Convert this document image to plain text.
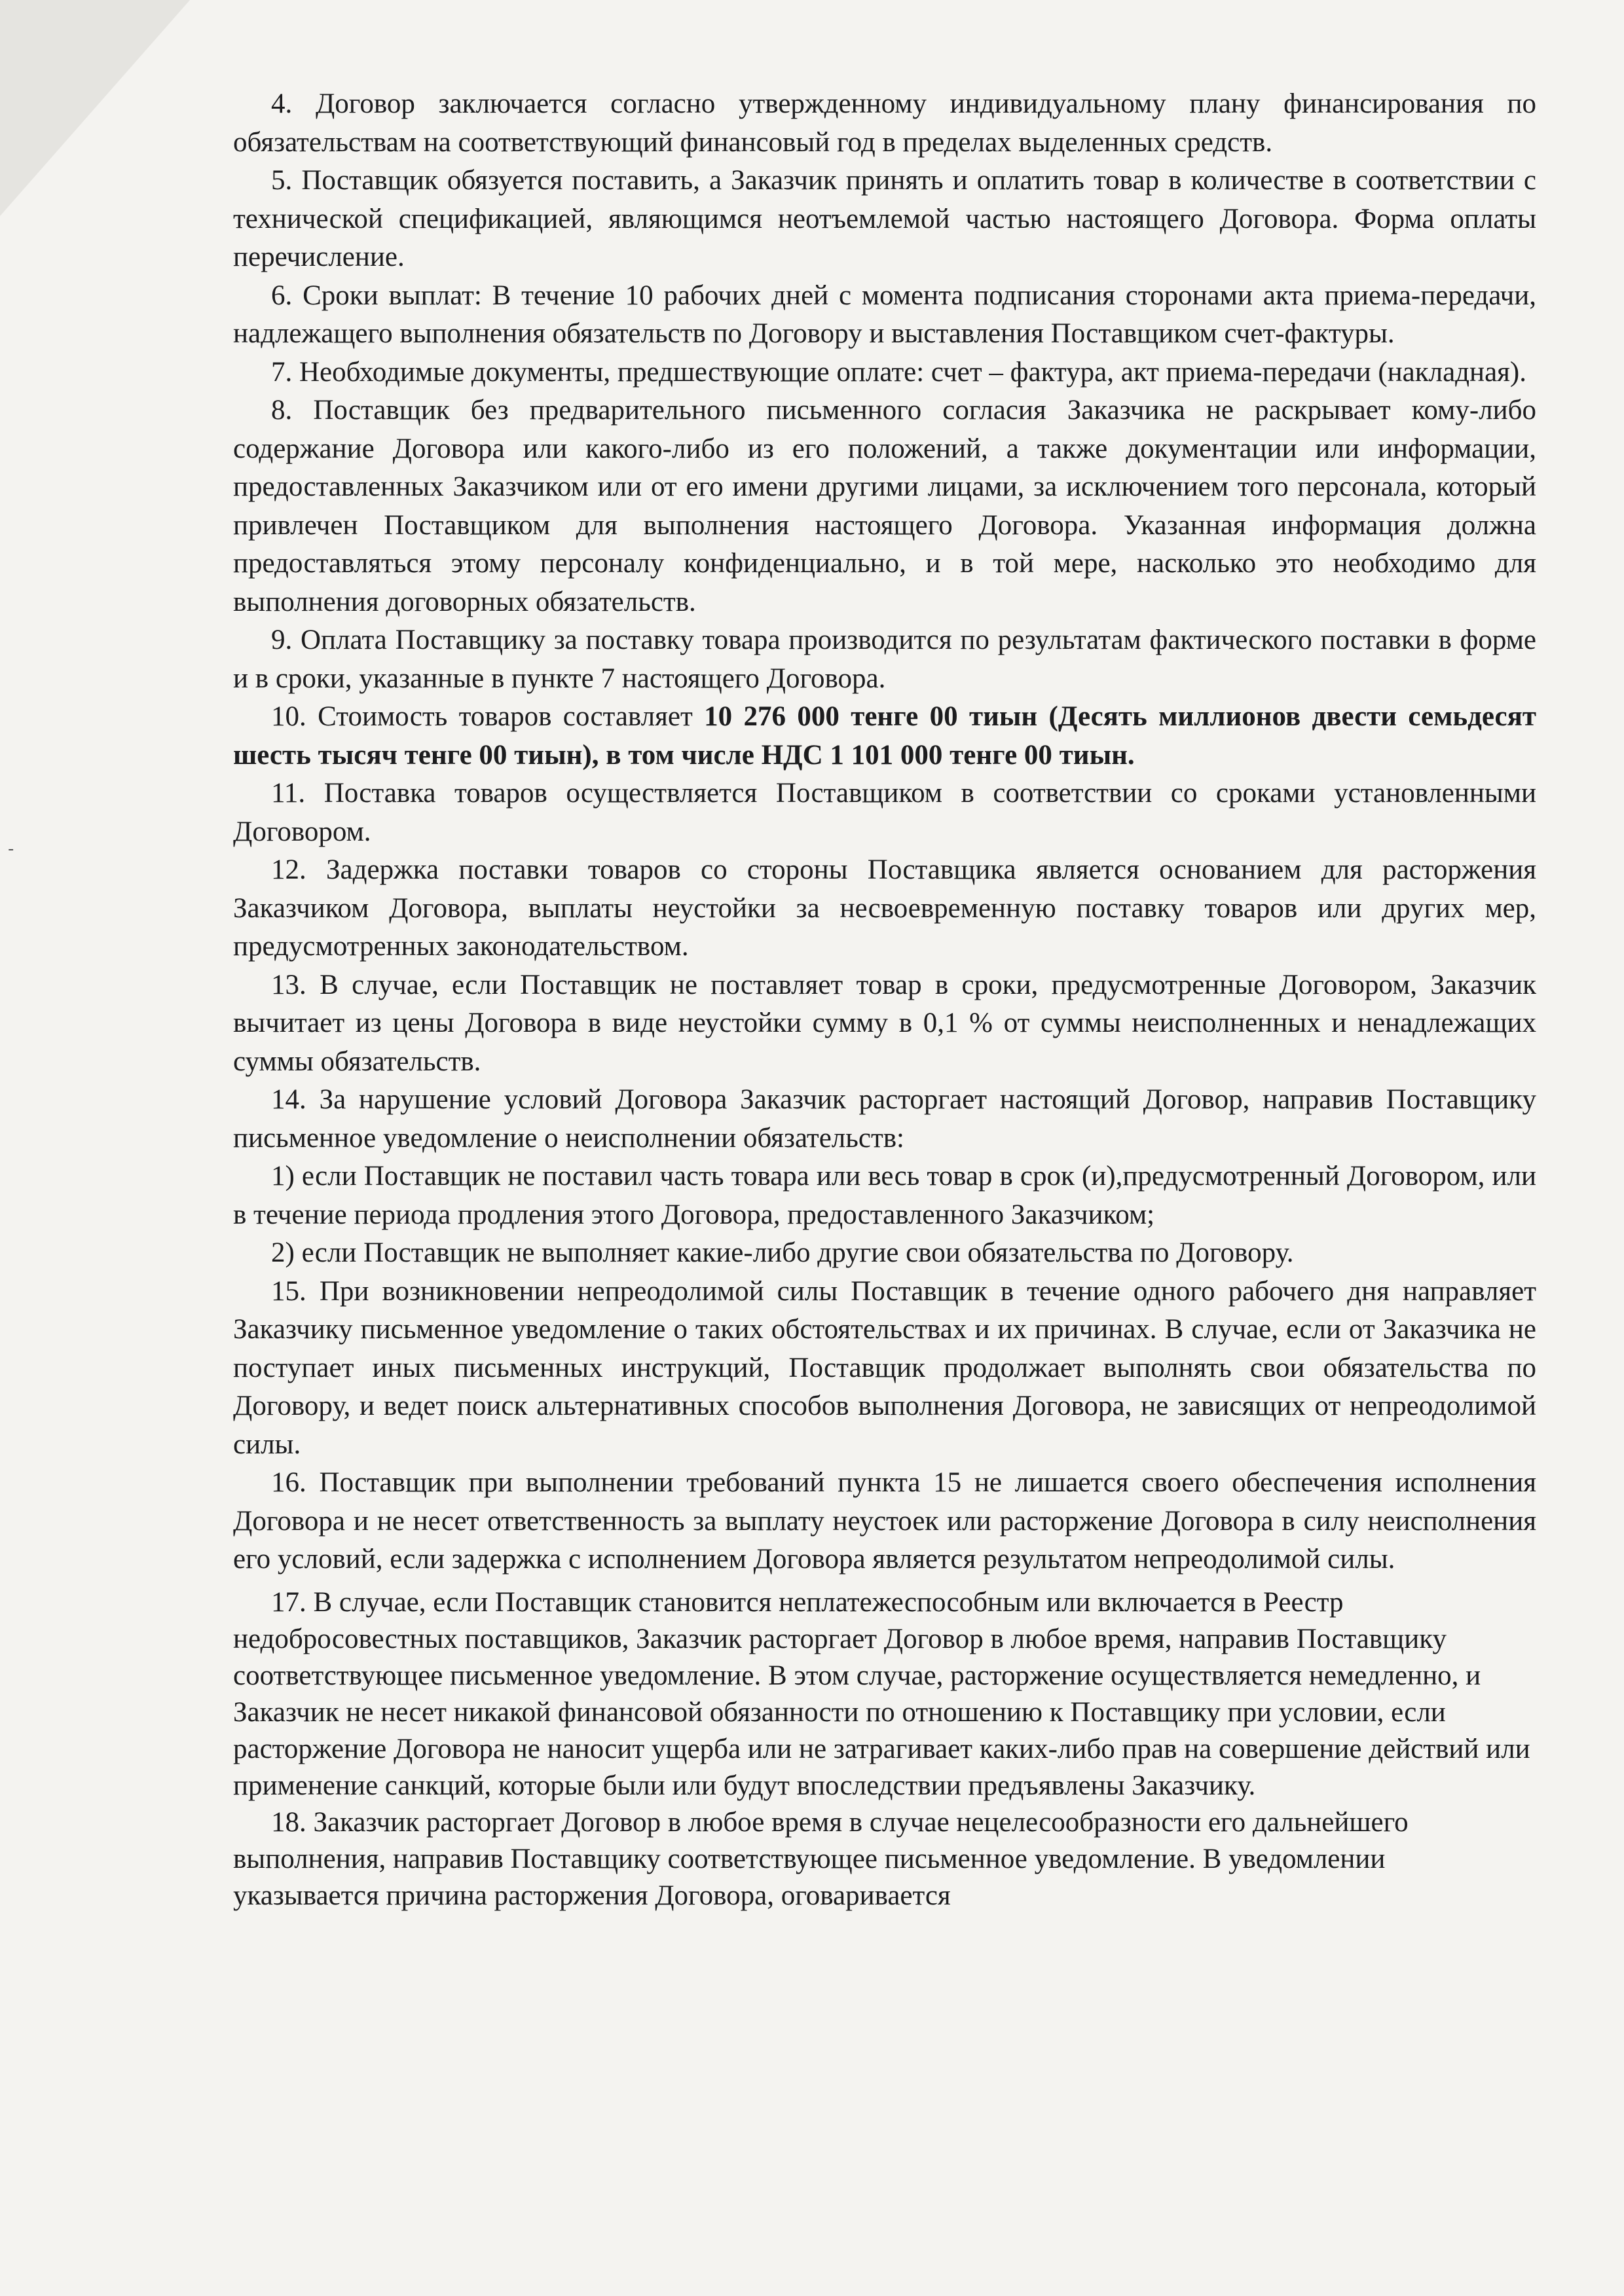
-

4. Договор заключается согласно утвержденному индивидуальному плану финансирования по обязательствам на соответствующий финансовый год в пределах выделенных средств.

5. Поставщик обязуется поставить, а Заказчик принять и оплатить товар в количестве в соответствии с технической спецификацией, являющимся неотъемлемой частью настоящего Договора. Форма оплаты перечисление.

6. Сроки выплат: В течение 10 рабочих дней с момента подписания сторонами акта приема-передачи, надлежащего выполнения обязательств по Договору и выставления Поставщиком счет-фактуры.

7. Необходимые документы, предшествующие оплате: счет – фактура, акт приема-передачи (накладная).

8. Поставщик без предварительного письменного согласия Заказчика не раскрывает кому-либо содержание Договора или какого-либо из его положений, а также документации или информации, предоставленных Заказчиком или от его имени другими лицами, за исключением того персонала, который привлечен Поставщиком для выполнения настоящего Договора. Указанная информация должна предоставляться этому персоналу конфиденциально, и в той мере, насколько это необходимо для выполнения договорных обязательств.

9. Оплата Поставщику за поставку товара производится по результатам фактического поставки в форме и в сроки, указанные в пункте 7 настоящего Договора.

10. Стоимость товаров составляет 10 276 000 тенге 00 тиын (Десять миллионов двести семьдесят шесть тысяч тенге 00 тиын), в том числе НДС 1 101 000 тенге 00 тиын.

11. Поставка товаров осуществляется Поставщиком в соответствии со сроками установленными Договором.

12. Задержка поставки товаров со стороны Поставщика является основанием для расторжения Заказчиком Договора, выплаты неустойки за несвоевременную поставку товаров или других мер, предусмотренных законодательством.

13. В случае, если Поставщик не поставляет товар в сроки, предусмотренные Договором, Заказчик вычитает из цены Договора в виде неустойки сумму в 0,1 % от суммы неисполненных и ненадлежащих суммы обязательств.

14. За нарушение условий Договора Заказчик расторгает настоящий Договор, направив Поставщику письменное уведомление о неисполнении обязательств:

1) если Поставщик не поставил часть товара или весь товар в срок (и),предусмотренный Договором, или в течение периода продления этого Договора, предоставленного Заказчиком;

2) если Поставщик не выполняет какие-либо другие свои обязательства по Договору.

15. При возникновении непреодолимой силы Поставщик в течение одного рабочего дня направляет Заказчику письменное уведомление о таких обстоятельствах и их причинах. В случае, если от Заказчика не поступает иных письменных инструкций, Поставщик продолжает выполнять свои обязательства по Договору, и ведет поиск альтернативных способов выполнения Договора, не зависящих от непреодолимой силы.

16. Поставщик при выполнении требований пункта 15 не лишается своего обеспечения исполнения Договора и не несет ответственность за выплату неустоек или расторжение Договора в силу неисполнения его условий, если задержка с исполнением Договора является результатом непреодолимой силы.

17. В случае, если Поставщик становится неплатежеспособным или включается в Реестр недобросовестных поставщиков, Заказчик расторгает Договор в любое время, направив Поставщику соответствующее письменное уведомление. В этом случае, расторжение осуществляется немедленно, и Заказчик не несет никакой финансовой обязанности по отношению к Поставщику при условии, если расторжение Договора не наносит ущерба или не затрагивает каких-либо прав на совершение действий или применение санкций, которые были или будут впоследствии предъявлены Заказчику.

18. Заказчик расторгает Договор в любое время в случае нецелесообразности его дальнейшего выполнения, направив Поставщику соответствующее письменное уведомление. В уведомлении указывается причина расторжения Договора, оговаривается
